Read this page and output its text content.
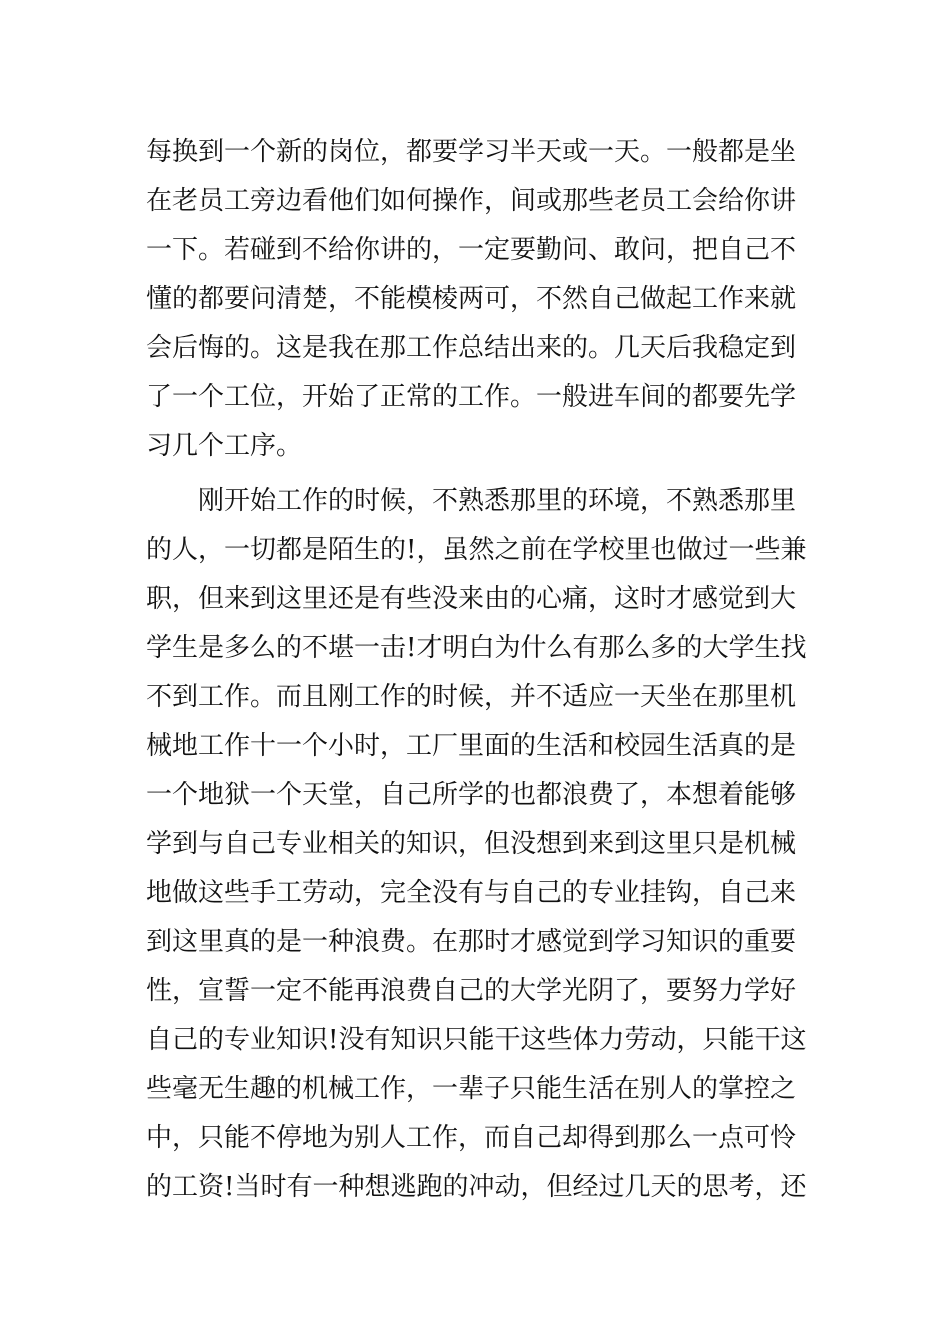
每换到一个新的岗位，都要学习半天或一天。一般都是坐
在老员工旁边看他们如何操作，间或那些老员工会给你讲
一下。若碰到不给你讲的，一定要勤问、敢问，把自己不
懂的都要问清楚，不能模棱两可，不然自己做起工作来就
会后悔的。这是我在那工作总结出来的。几天后我稳定到
了一个工位，开始了正常的工作。一般进车间的都要先学
习几个工序。
　　刚开始工作的时候，不熟悉那里的环境，不熟悉那里
的人，一切都是陌生的!，虽然之前在学校里也做过一些兼
职，但来到这里还是有些没来由的心痛，这时才感觉到大
学生是多么的不堪一击!才明白为什么有那么多的大学生找
不到工作。而且刚工作的时候，并不适应一天坐在那里机
械地工作十一个小时，工厂里面的生活和校园生活真的是
一个地狱一个天堂，自己所学的也都浪费了，本想着能够
学到与自己专业相关的知识，但没想到来到这里只是机械
地做这些手工劳动，完全没有与自己的专业挂钩，自己来
到这里真的是一种浪费。在那时才感觉到学习知识的重要
性，宣誓一定不能再浪费自己的大学光阴了，要努力学好
自己的专业知识!没有知识只能干这些体力劳动，只能干这
些毫无生趣的机械工作，一辈子只能生活在别人的掌控之
中，只能不停地为别人工作，而自己却得到那么一点可怜
的工资!当时有一种想逃跑的冲动，但经过几天的思考，还
